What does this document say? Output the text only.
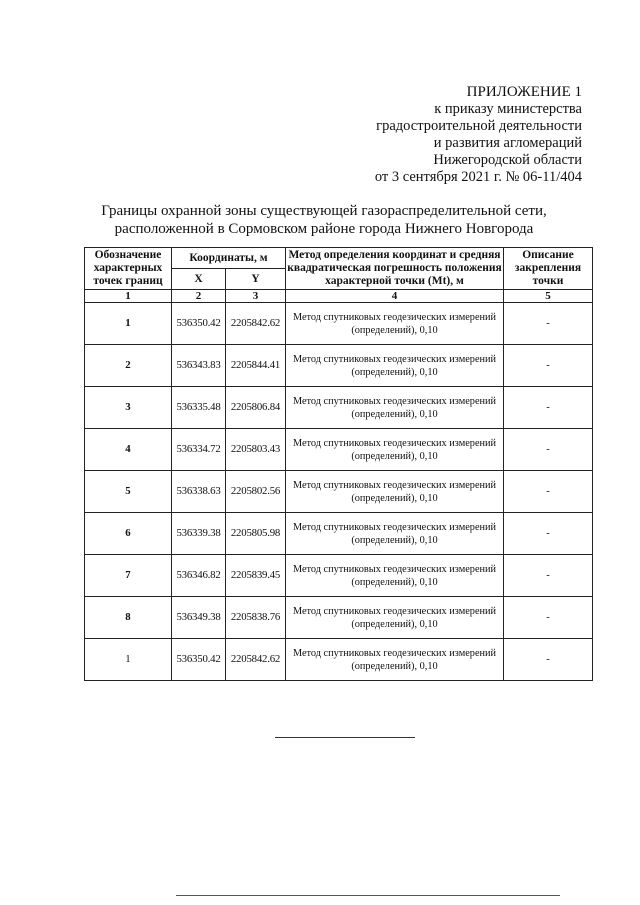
ПРИЛОЖЕНИЕ 1
к приказу министерства
градостроительной деятельности
и развития агломераций
Нижегородской области
от 3 сентября 2021 г. № 06-11/404
Границы охранной зоны существующей газораспределительной сети,
расположенной в Сормовском районе города Нижнего Новгорода
Обозначение характерных точек границ	Координаты, м		Метод определения координат и средняя квадратическая погрешность положения характерной точки (Mt), м	Описание закрепления точки
	X	Y		
1	2	3	4	5
1	536350.42	2205842.62	Метод спутниковых геодезических измерений (определений), 0,10	-
2	536343.83	2205844.41	Метод спутниковых геодезических измерений (определений), 0,10	-
3	536335.48	2205806.84	Метод спутниковых геодезических измерений (определений), 0,10	-
4	536334.72	2205803.43	Метод спутниковых геодезических измерений (определений), 0,10	-
5	536338.63	2205802.56	Метод спутниковых геодезических измерений (определений), 0,10	-
6	536339.38	2205805.98	Метод спутниковых геодезических измерений (определений), 0,10	-
7	536346.82	2205839.45	Метод спутниковых геодезических измерений (определений), 0,10	-
8	536349.38	2205838.76	Метод спутниковых геодезических измерений (определений), 0,10	-
1	536350.42	2205842.62	Метод спутниковых геодезических измерений (определений), 0,10	-
